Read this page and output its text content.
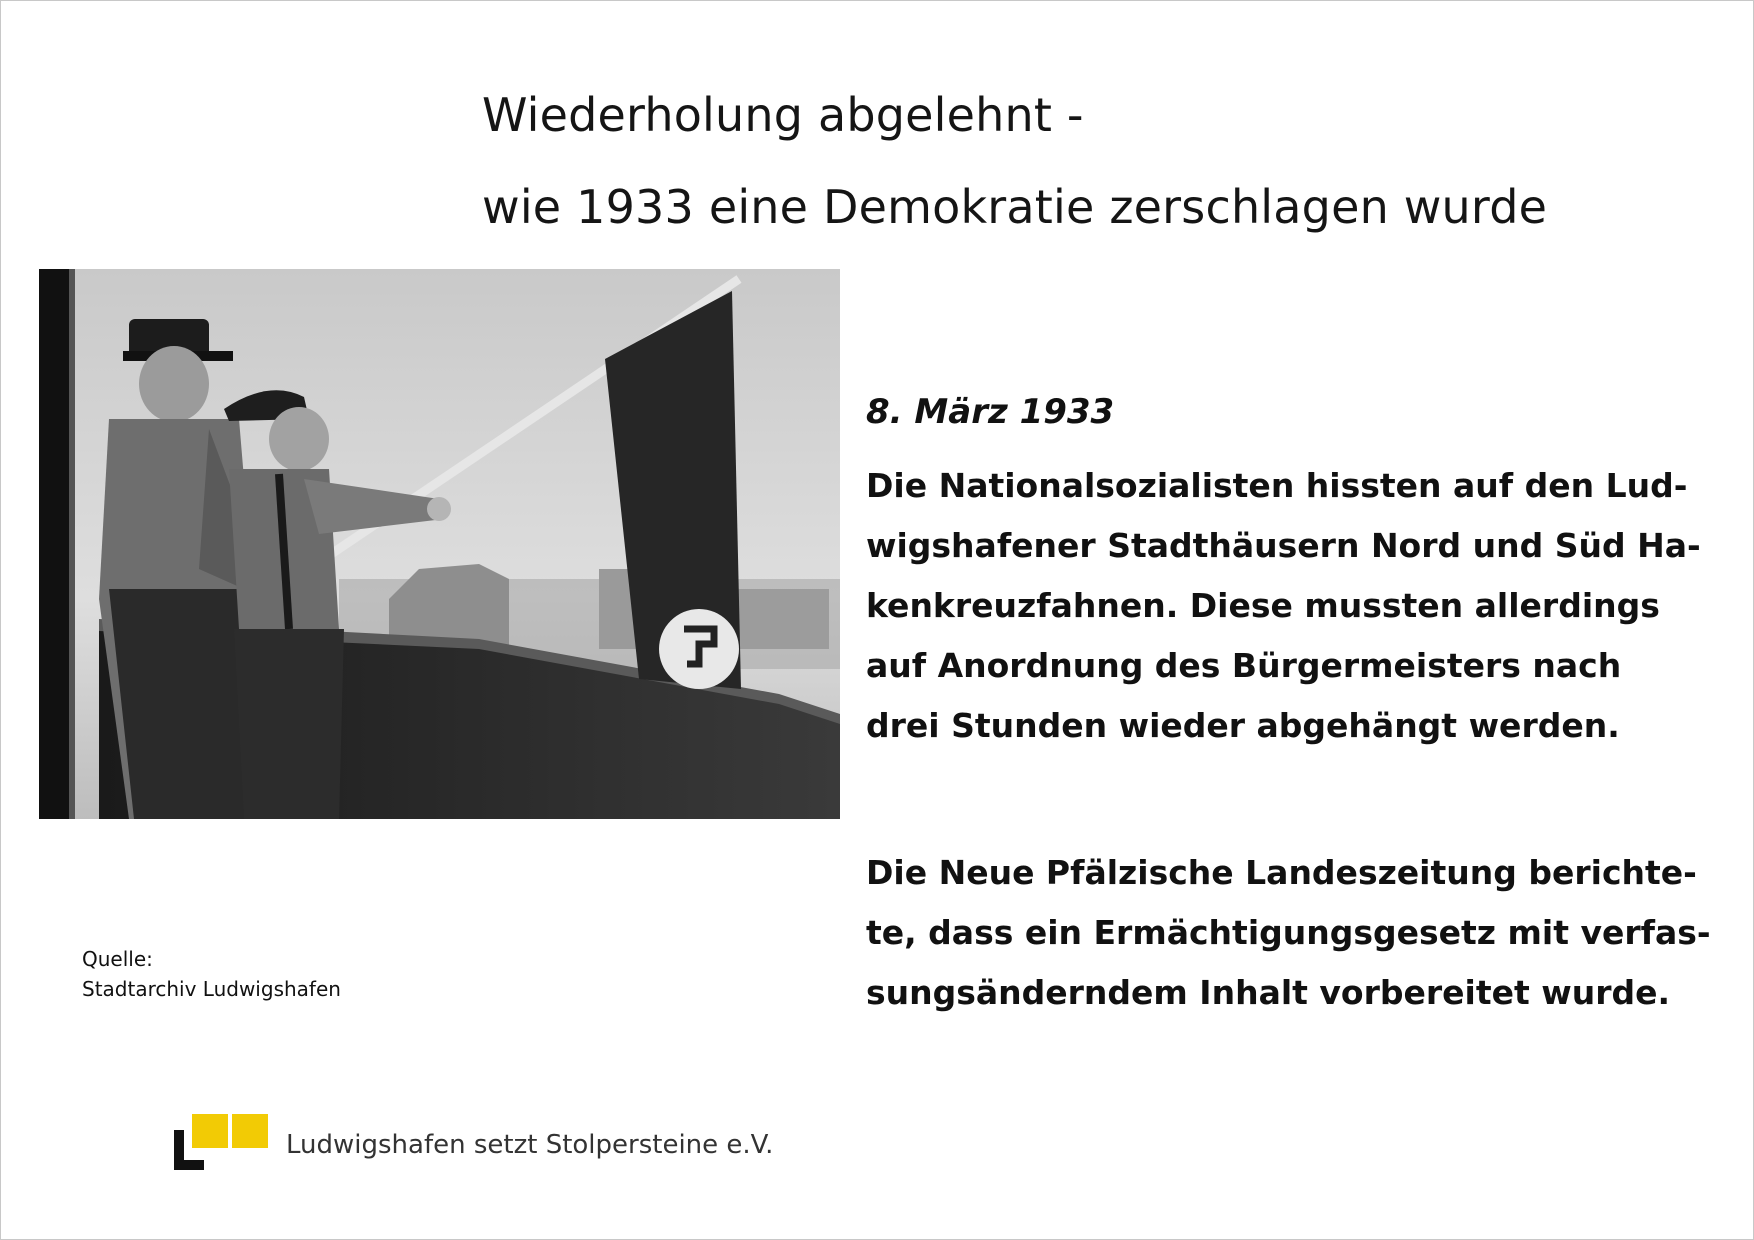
Wiederholung abgelehnt -
wie 1933 eine Demokratie zerschlagen wurde

8. März 1933

Die Nationalsozialisten hissten auf den Lud-
wigshafener Stadthäusern Nord und Süd Ha-
kenkreuzfahnen. Diese mussten allerdings
auf Anordnung des Bürgermeisters nach
drei Stunden wieder abgehängt werden.

Die Neue Pfälzische Landeszeitung berichte-
te, dass ein Ermächtigungsgesetz mit verfas-
sungsänderndem Inhalt vorbereitet wurde.

Quelle:
Stadtarchiv Ludwigshafen

Ludwigshafen setzt Stolpersteine e.V.
